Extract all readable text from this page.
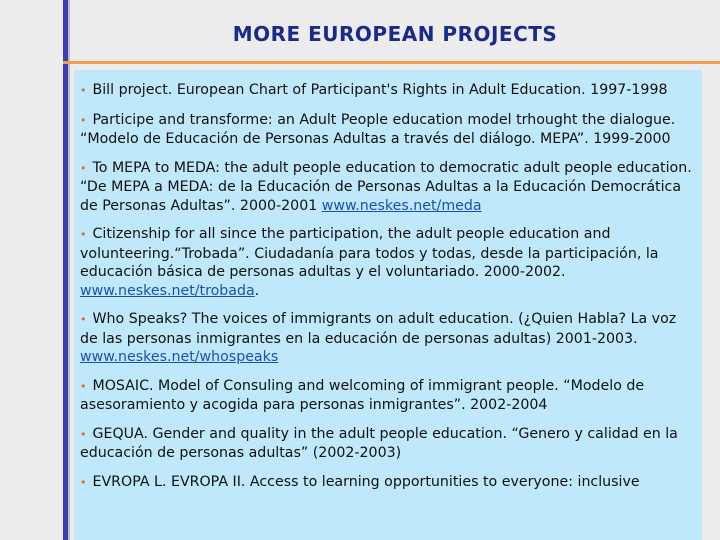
MORE EUROPEAN PROJECTS
• Bill project. European Chart of Participant's Rights in Adult Education. 1997-1998
• Participe and transforme: an Adult People education model trhought the dialogue. “Modelo de Educación de Personas Adultas a través del diálogo. MEPA”. 1999-2000
• To MEPA to MEDA: the adult people education to democratic adult people education. “De MEPA a MEDA: de la Educación de Personas Adultas a la Educación Democrática de Personas Adultas”. 2000-2001 www.neskes.net/meda
• Citizenship for all since the participation, the adult people education and volunteering.“Trobada”. Ciudadanía para todos y todas, desde la participación, la educación básica de personas adultas y el voluntariado. 2000-2002. www.neskes.net/trobada.
• Who Speaks? The voices of immigrants on adult education. (¿Quien Habla? La voz de las personas inmigrantes en la educación de personas adultas) 2001-2003. www.neskes.net/whospeaks
• MOSAIC. Model of Consuling and welcoming of immigrant people. “Modelo de asesoramiento y acogida para personas inmigrantes”. 2002-2004
• GEQUA. Gender and quality in the adult people education. “Genero y calidad en la educación de personas adultas” (2002-2003)
• EVROPA L. EVROPA II. Access to learning opportunities to everyone: inclusive
